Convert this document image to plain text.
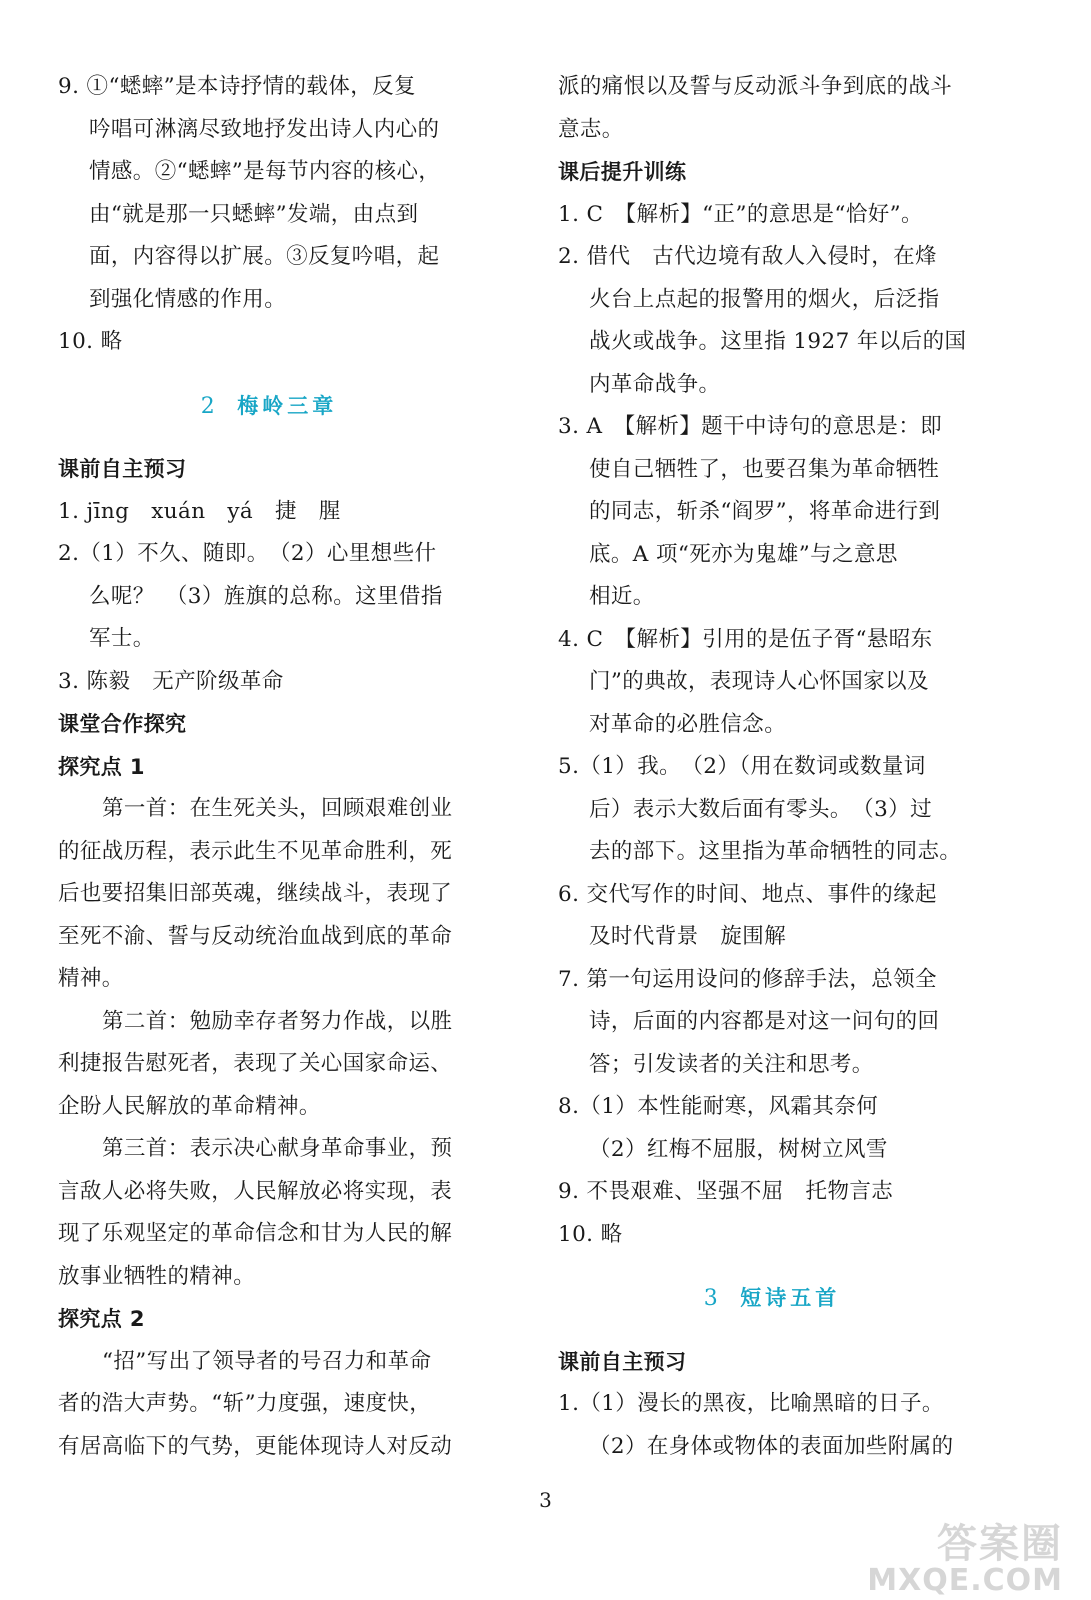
9. ①“蟋蟀”是本诗抒情的载体，反复
吟唱可淋漓尽致地抒发出诗人内心的
情感。②“蟋蟀”是每节内容的核心，
由“就是那一只蟋蟀”发端，由点到
面，内容得以扩展。③反复吟唱，起
到强化情感的作用。
10. 略
2 梅岭三章
课前自主预习
1. jīng　xuán　yá　捷　腥
2.（1）不久、随即。　（2）心里想些什
么呢？　（3）旌旗的总称。这里借指
军士。
3. 陈毅　无产阶级革命
课堂合作探究
探究点 1
第一首：在生死关头，回顾艰难创业
的征战历程，表示此生不见革命胜利，死
后也要招集旧部英魂，继续战斗，表现了
至死不渝、誓与反动统治血战到底的革命
精神。
第二首：勉励幸存者努力作战，以胜
利捷报告慰死者，表现了关心国家命运、
企盼人民解放的革命精神。
第三首：表示决心献身革命事业，预
言敌人必将失败，人民解放必将实现，表
现了乐观坚定的革命信念和甘为人民的解
放事业牺牲的精神。
探究点 2
“招”写出了领导者的号召力和革命
者的浩大声势。“斩”力度强，速度快，
有居高临下的气势，更能体现诗人对反动
派的痛恨以及誓与反动派斗争到底的战斗
意志。
课后提升训练
1. C　【解析】“正”的意思是“恰好”。
2. 借代　古代边境有敌人入侵时，在烽
火台上点起的报警用的烟火，后泛指
战火或战争。这里指 1927 年以后的国
内革命战争。
3. A　【解析】题干中诗句的意思是：即
使自己牺牲了，也要召集为革命牺牲
的同志，斩杀“阎罗”，将革命进行到
底。A 项“死亦为鬼雄”与之意思
相近。
4. C　【解析】引用的是伍子胥“悬昭东
门”的典故，表现诗人心怀国家以及
对革命的必胜信念。
5.（1）我。　（2）（用在数词或数量词
后）表示大数后面有零头。　（3）过
去的部下。这里指为革命牺牲的同志。
6. 交代写作的时间、地点、事件的缘起
及时代背景　旋围解
7. 第一句运用设问的修辞手法，总领全
诗，后面的内容都是对这一问句的回
答；引发读者的关注和思考。
8.（1）本性能耐寒，风霜其奈何
（2）红梅不屈服，树树立风雪
9. 不畏艰难、坚强不屈　托物言志
10. 略
3 短诗五首
课前自主预习
1.（1）漫长的黑夜，比喻黑暗的日子。
（2）在身体或物体的表面加些附属的
3
答案圈
MXQE.COM
